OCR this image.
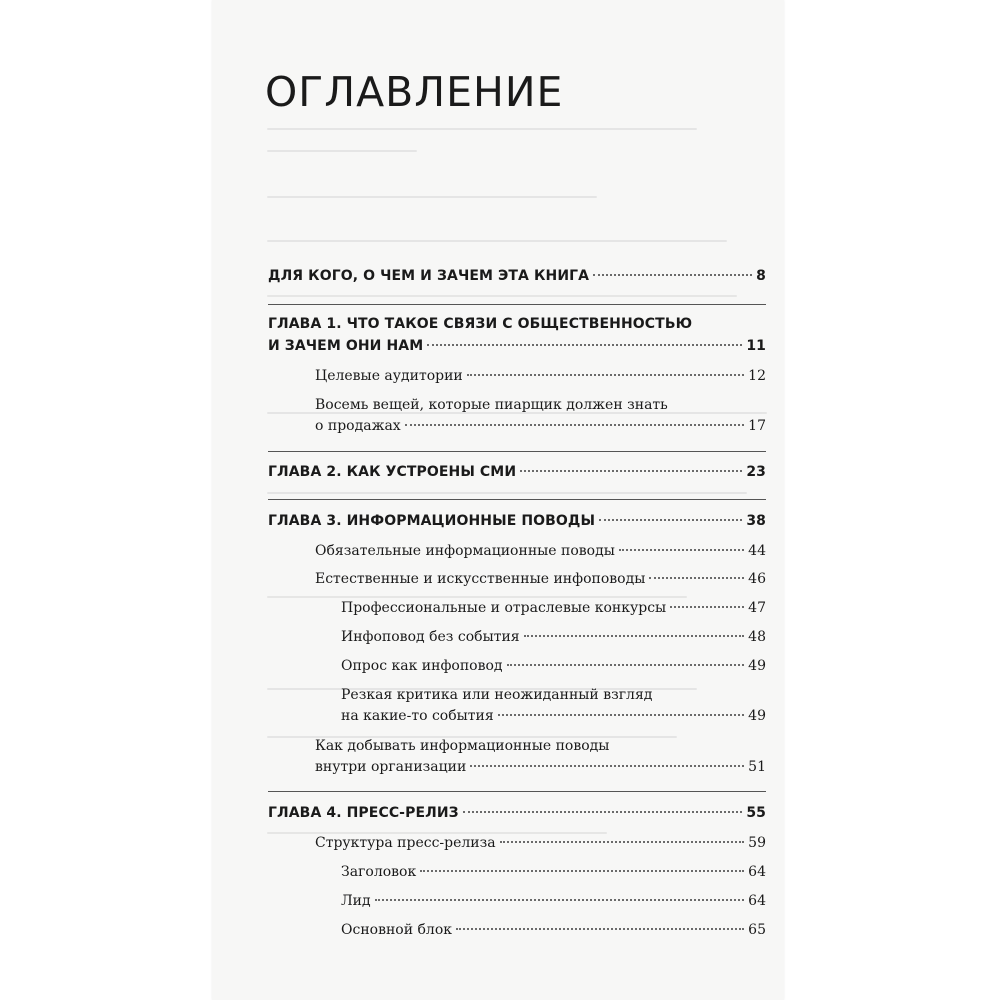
ОГЛАВЛЕНИЕ
ДЛЯ КОГО, О ЧЕМ И ЗАЧЕМ ЭТА КНИГА	8
ГЛАВА 1. ЧТО ТАКОЕ СВЯЗИ С ОБЩЕСТВЕННОСТЬЮ
И ЗАЧЕМ ОНИ НАМ	11
Целевые аудитории	12
Восемь вещей, которые пиарщик должен знать
о продажах	17
ГЛАВА 2. КАК УСТРОЕНЫ СМИ	23
ГЛАВА 3. ИНФОРМАЦИОННЫЕ ПОВОДЫ	38
Обязательные информационные поводы	44
Естественные и искусственные инфоповоды	46
Профессиональные и отраслевые конкурсы	47
Инфоповод без события	48
Опрос как инфоповод	49
Резкая критика или неожиданный взгляд
на какие-то события	49
Как добывать информационные поводы
внутри организации	51
ГЛАВА 4. ПРЕСС-РЕЛИЗ	55
Структура пресс-релиза	59
Заголовок	64
Лид	64
Основной блок	65
